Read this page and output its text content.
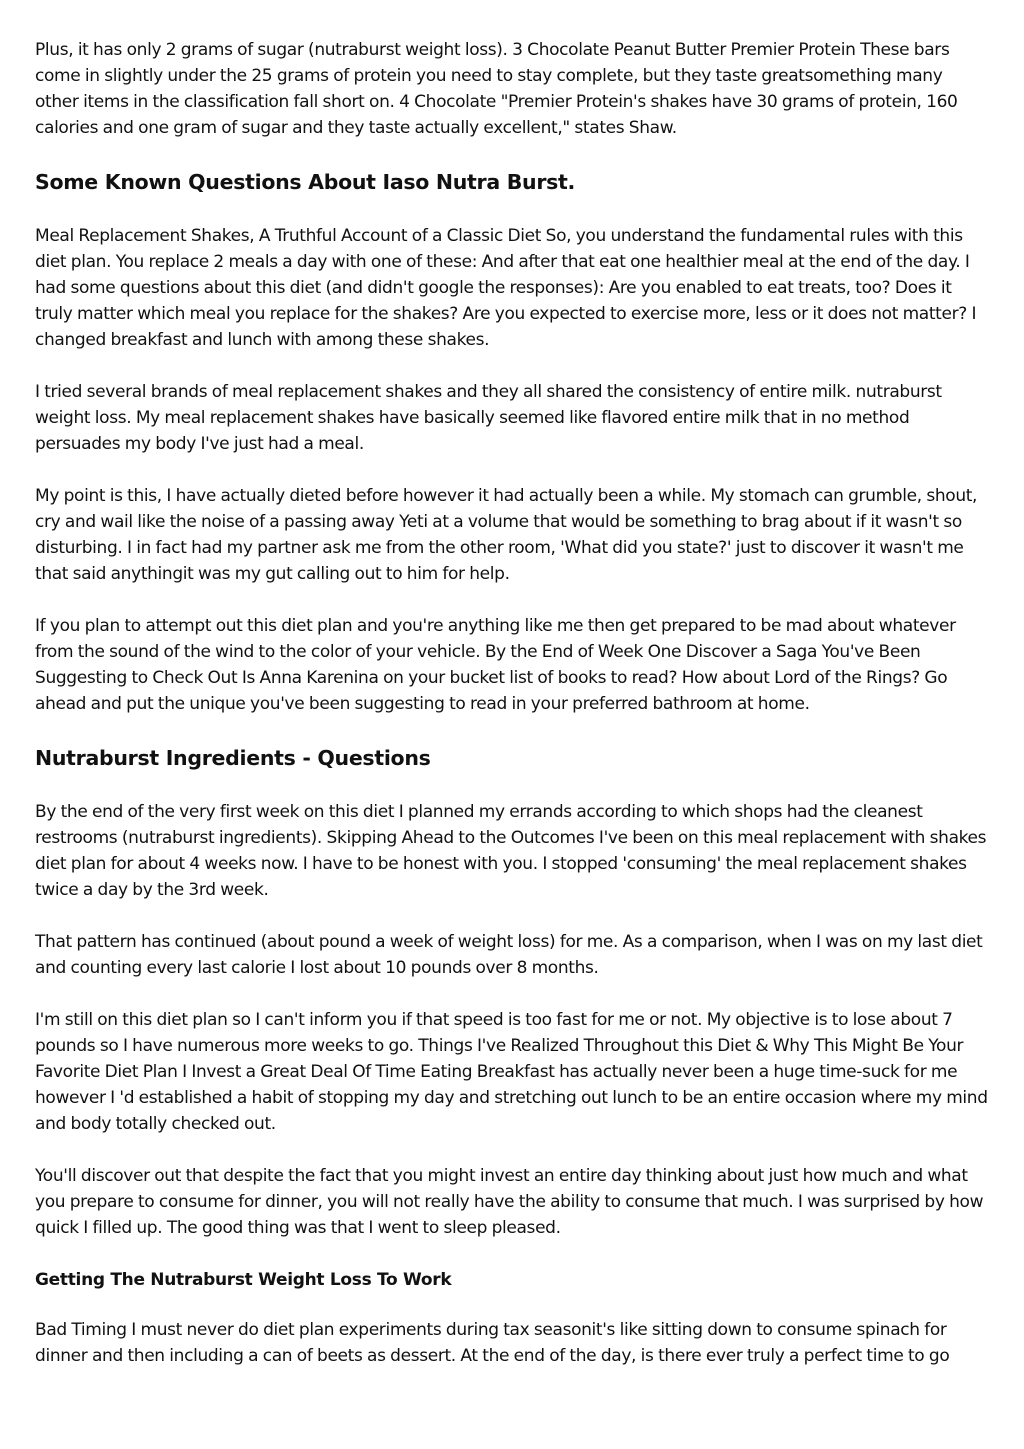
Plus, it has only 2 grams of sugar (nutraburst weight loss). 3 Chocolate Peanut Butter Premier Protein These bars come in slightly under the 25 grams of protein you need to stay complete, but they taste greatsomething many other items in the classification fall short on. 4 Chocolate "Premier Protein's shakes have 30 grams of protein, 160 calories and one gram of sugar and they taste actually excellent," states Shaw.

Some Known Questions About Iaso Nutra Burst.

Meal Replacement Shakes, A Truthful Account of a Classic Diet So, you understand the fundamental rules with this diet plan. You replace 2 meals a day with one of these: And after that eat one healthier meal at the end of the day. I had some questions about this diet (and didn't google the responses): Are you enabled to eat treats, too? Does it truly matter which meal you replace for the shakes? Are you expected to exercise more, less or it does not matter? I changed breakfast and lunch with among these shakes.

I tried several brands of meal replacement shakes and they all shared the consistency of entire milk. nutraburst weight loss. My meal replacement shakes have basically seemed like flavored entire milk that in no method persuades my body I've just had a meal.

My point is this, I have actually dieted before however it had actually been a while. My stomach can grumble, shout, cry and wail like the noise of a passing away Yeti at a volume that would be something to brag about if it wasn't so disturbing. I in fact had my partner ask me from the other room, 'What did you state?' just to discover it wasn't me that said anythingit was my gut calling out to him for help.

If you plan to attempt out this diet plan and you're anything like me then get prepared to be mad about whatever from the sound of the wind to the color of your vehicle. By the End of Week One Discover a Saga You've Been Suggesting to Check Out Is Anna Karenina on your bucket list of books to read? How about Lord of the Rings? Go ahead and put the unique you've been suggesting to read in your preferred bathroom at home.

Nutraburst Ingredients - Questions

By the end of the very first week on this diet I planned my errands according to which shops had the cleanest restrooms (nutraburst ingredients). Skipping Ahead to the Outcomes I've been on this meal replacement with shakes diet plan for about 4 weeks now. I have to be honest with you. I stopped 'consuming' the meal replacement shakes twice a day by the 3rd week.

That pattern has continued (about pound a week of weight loss) for me. As a comparison, when I was on my last diet and counting every last calorie I lost about 10 pounds over 8 months.

I'm still on this diet plan so I can't inform you if that speed is too fast for me or not. My objective is to lose about 7 pounds so I have numerous more weeks to go. Things I've Realized Throughout this Diet & Why This Might Be Your Favorite Diet Plan I Invest a Great Deal Of Time Eating Breakfast has actually never been a huge time-suck for me however I 'd established a habit of stopping my day and stretching out lunch to be an entire occasion where my mind and body totally checked out.

You'll discover out that despite the fact that you might invest an entire day thinking about just how much and what you prepare to consume for dinner, you will not really have the ability to consume that much. I was surprised by how quick I filled up. The good thing was that I went to sleep pleased.

Getting The Nutraburst Weight Loss To Work

Bad Timing I must never do diet plan experiments during tax seasonit's like sitting down to consume spinach for dinner and then including a can of beets as dessert. At the end of the day, is there ever truly a perfect time to go
